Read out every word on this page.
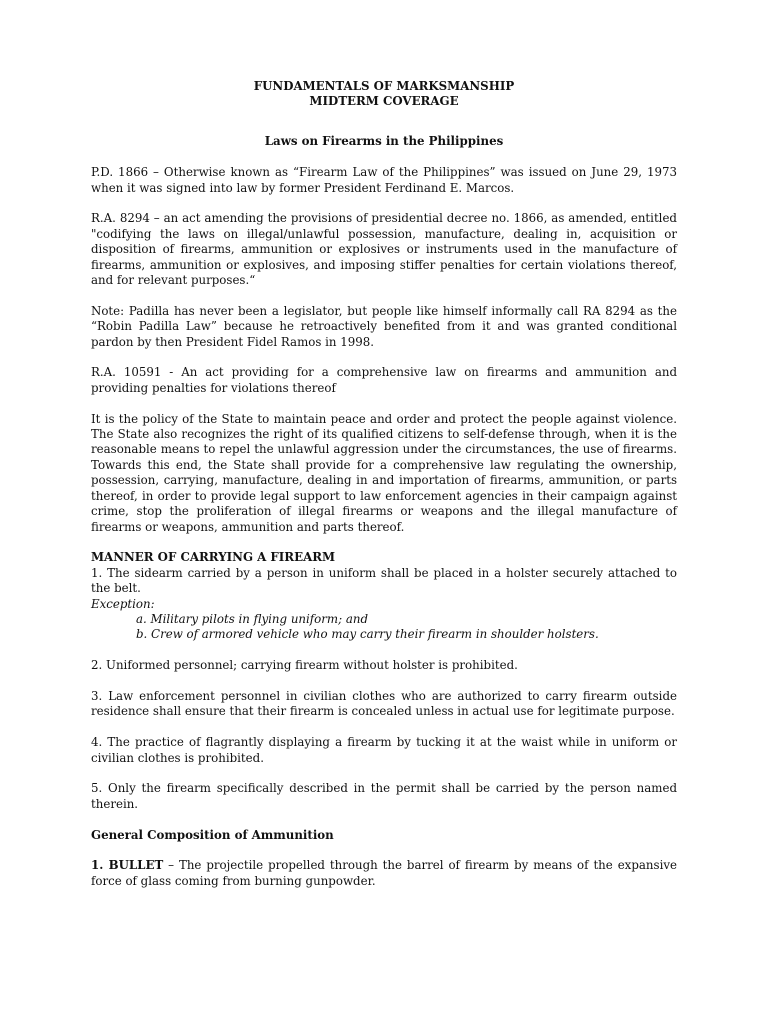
FUNDAMENTALS OF MARKSMANSHIP

MIDTERM COVERAGE

Laws on Firearms in the Philippines

P.D. 1866 – Otherwise known as “Firearm Law of the Philippines” was issued on June 29, 1973 when it was signed into law by former President Ferdinand E. Marcos.

R.A. 8294 – an act amending the provisions of presidential decree no. 1866, as amended, entitled "codifying the laws on illegal/unlawful possession, manufacture, dealing in, acquisition or disposition of firearms, ammunition or explosives or instruments used in the manufacture of firearms, ammunition or explosives, and imposing stiffer penalties for certain violations thereof, and for relevant purposes.“

Note: Padilla has never been a legislator, but people like himself informally call RA 8294 as the “Robin Padilla Law” because he retroactively benefited from it and was granted conditional pardon by then President Fidel Ramos in 1998.

R.A. 10591 - An act providing for a comprehensive law on firearms and ammunition and providing penalties for violations thereof

It is the policy of the State to maintain peace and order and protect the people against violence. The State also recognizes the right of its qualified citizens to self-defense through, when it is the reasonable means to repel the unlawful aggression under the circumstances, the use of firearms. Towards this end, the State shall provide for a comprehensive law regulating the ownership, possession, carrying, manufacture, dealing in and importation of firearms, ammunition, or parts thereof, in order to provide legal support to law enforcement agencies in their campaign against crime, stop the proliferation of illegal firearms or weapons and the illegal manufacture of firearms or weapons, ammunition and parts thereof.

MANNER OF CARRYING A FIREARM

1. The sidearm carried by a person in uniform shall be placed in a holster securely attached to the belt.

Exception:

a. Military pilots in flying uniform; and

b. Crew of armored vehicle who may carry their firearm in shoulder holsters.

2. Uniformed personnel; carrying firearm without holster is prohibited.

3. Law enforcement personnel in civilian clothes who are authorized to carry firearm outside residence shall ensure that their firearm is concealed unless in actual use for legitimate purpose.

4. The practice of flagrantly displaying a firearm by tucking it at the waist while in uniform or civilian clothes is prohibited.

5. Only the firearm specifically described in the permit shall be carried by the person named therein.

General Composition of Ammunition

1. BULLET – The projectile propelled through the barrel of firearm by means of the expansive force of glass coming from burning gunpowder.
